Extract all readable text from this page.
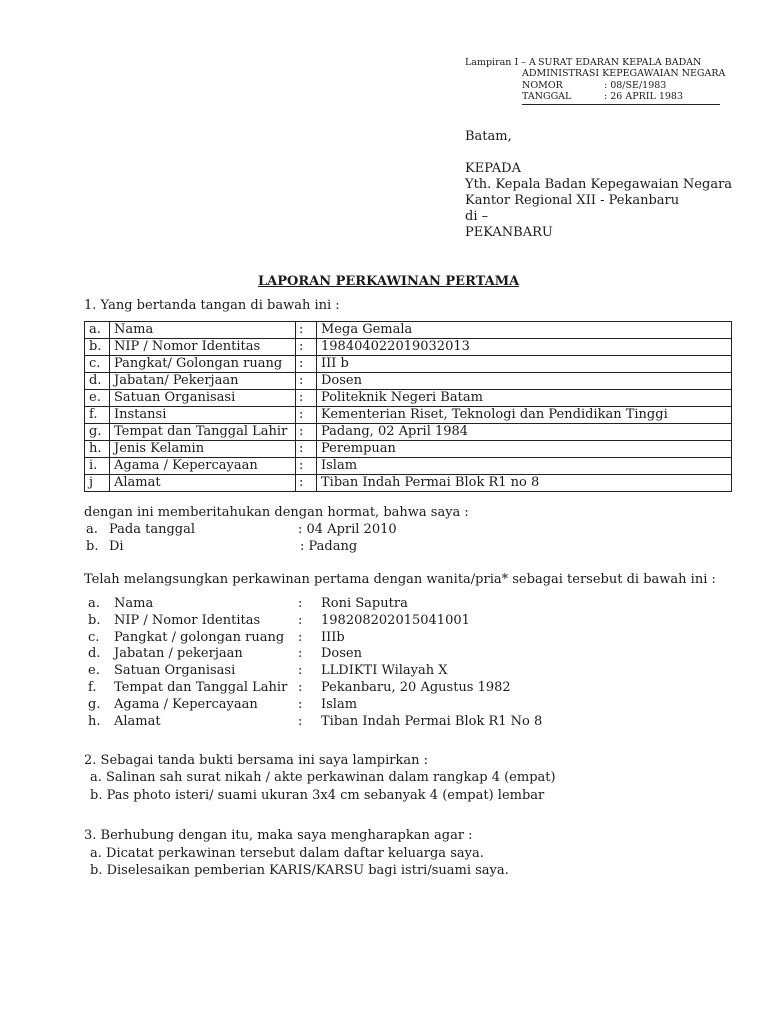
Lampiran I – A SURAT EDARAN KEPALA BADAN
ADMINISTRASI KEPEGAWAIAN NEGARA
NOMOR	: 08/SE/1983
TANGGAL	: 26 APRIL 1983
Batam,
KEPADA
Yth. Kepala Badan Kepegawaian Negara
Kantor Regional XII - Pekanbaru
di –
PEKANBARU
LAPORAN PERKAWINAN PERTAMA
1. Yang bertanda tangan di bawah ini :
a.	Nama	:	Mega Gemala
b.	NIP / Nomor Identitas	:	198404022019032013
c.	Pangkat/ Golongan ruang	:	III b
d.	Jabatan/ Pekerjaan	:	Dosen
e.	Satuan Organisasi	:	Politeknik Negeri Batam
f.	Instansi	:	Kementerian Riset, Teknologi dan Pendidikan Tinggi
g.	Tempat dan Tanggal Lahir	:	Padang, 02 April 1984
h.	Jenis Kelamin	:	Perempuan
i.	Agama / Kepercayaan	:	Islam
j	Alamat	:	Tiban Indah Permai Blok R1 no 8
dengan ini memberitahukan dengan hormat, bahwa saya :
a. Pada tanggal	: 04 April 2010
b. Di	: Padang
Telah melangsungkan perkawinan pertama dengan wanita/pria* sebagai tersebut di bawah ini :
a. Nama	: Roni Saputra
b. NIP / Nomor Identitas	: 198208202015041001
c. Pangkat / golongan ruang : IIIb
d. Jabatan / pekerjaan	: Dosen
e. Satuan Organisasi	: LLDIKTI Wilayah X
f. Tempat dan Tanggal Lahir : Pekanbaru, 20 Agustus 1982
g. Agama / Kepercayaan	: Islam
h. Alamat	: Tiban Indah Permai Blok R1 No 8
2. Sebagai tanda bukti bersama ini saya lampirkan :
a. Salinan sah surat nikah / akte perkawinan dalam rangkap 4 (empat)
b. Pas photo isteri/ suami ukuran 3x4 cm sebanyak 4 (empat) lembar
3. Berhubung dengan itu, maka saya mengharapkan agar :
a. Dicatat perkawinan tersebut dalam daftar keluarga saya.
b. Diselesaikan pemberian KARIS/KARSU bagi istri/suami saya.
